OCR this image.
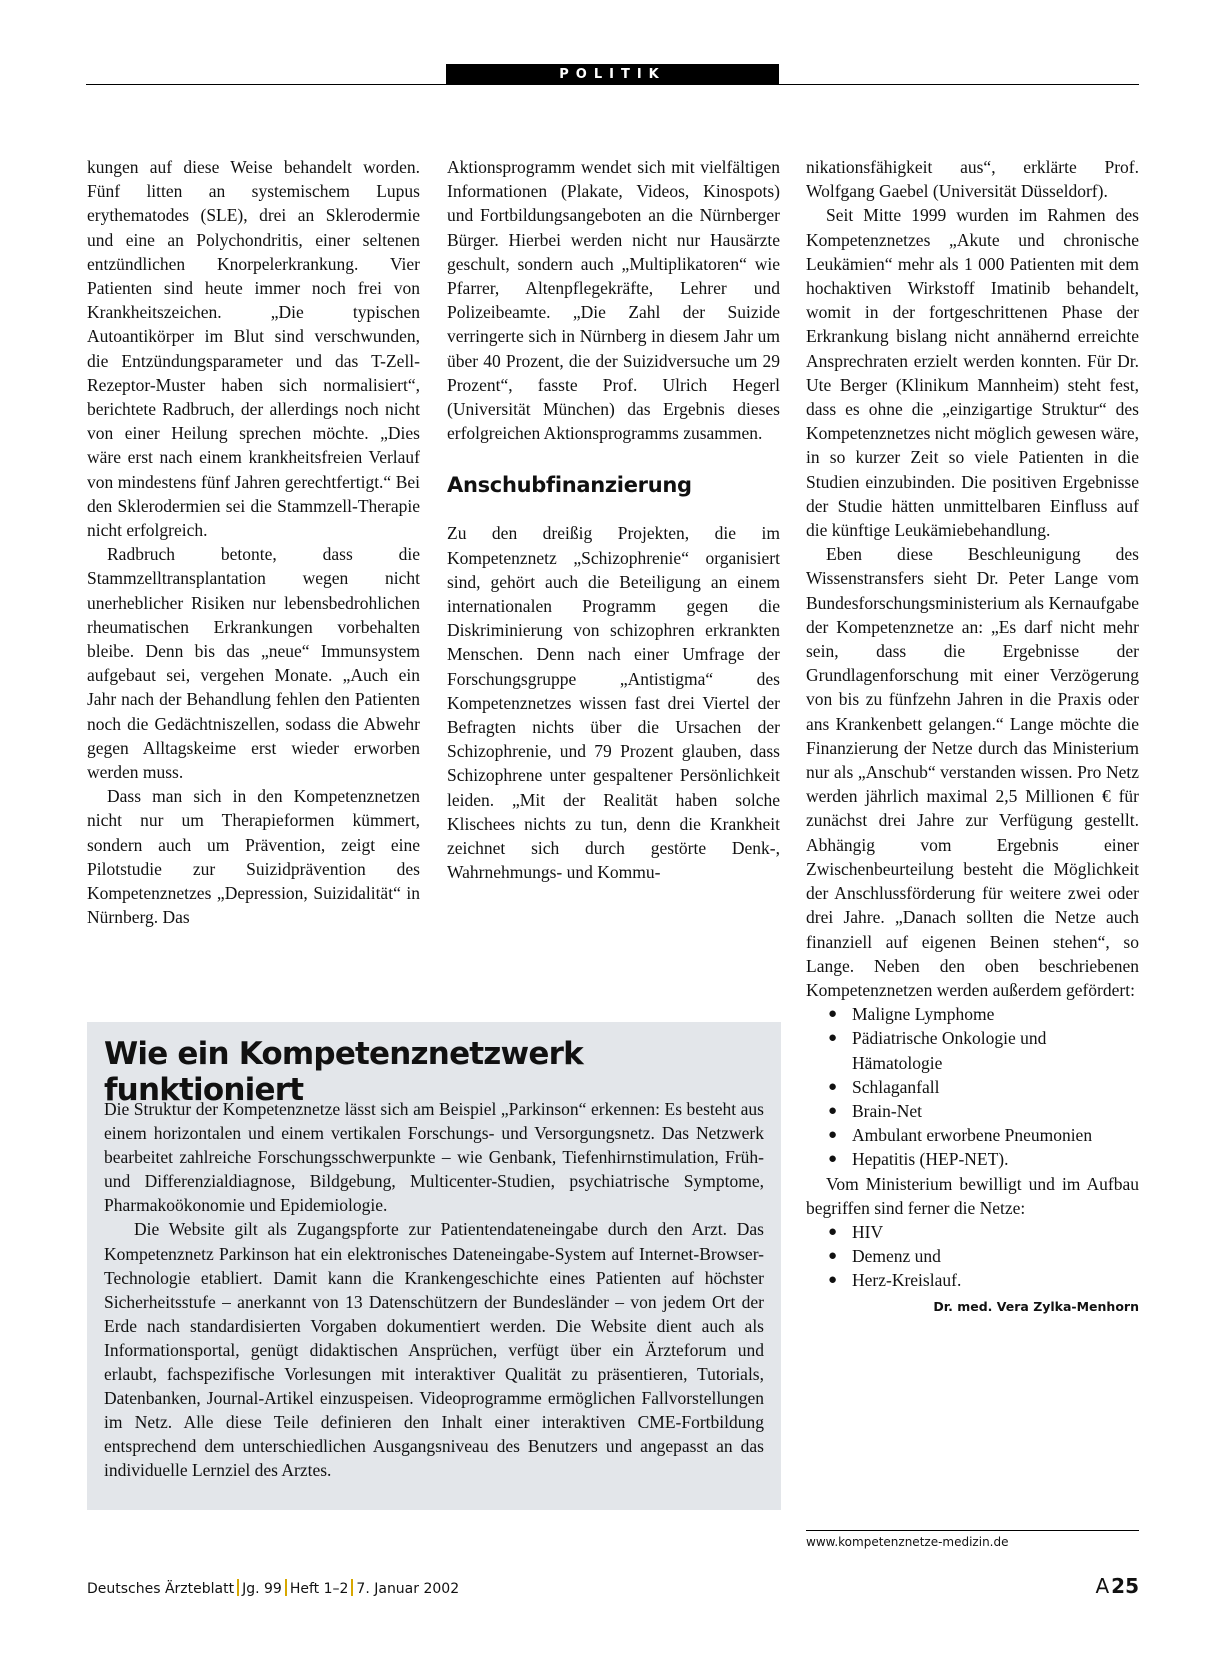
POLITIK

kungen auf diese Weise behandelt worden. Fünf litten an systemischem Lupus erythematodes (SLE), drei an Sklerodermie und eine an Polychondritis, einer seltenen entzündlichen Knorpelerkrankung. Vier Patienten sind heute immer noch frei von Krankheitszeichen. „Die typischen Autoantikörper im Blut sind verschwunden, die Entzündungsparameter und das T-Zell-Rezeptor-Muster haben sich normalisiert“, berichtete Radbruch, der allerdings noch nicht von einer Heilung sprechen möchte. „Dies wäre erst nach einem krankheitsfreien Verlauf von mindestens fünf Jahren gerechtfertigt.“ Bei den Sklerodermien sei die Stammzell-Therapie nicht erfolgreich.

Radbruch betonte, dass die Stammzelltransplantation wegen nicht unerheblicher Risiken nur lebensbedrohlichen rheumatischen Erkrankungen vorbehalten bleibe. Denn bis das „neue“ Immunsystem aufgebaut sei, vergehen Monate. „Auch ein Jahr nach der Behandlung fehlen den Patienten noch die Gedächtniszellen, sodass die Abwehr gegen Alltagskeime erst wieder erworben werden muss.

Dass man sich in den Kompetenznetzen nicht nur um Therapieformen kümmert, sondern auch um Prävention, zeigt eine Pilotstudie zur Suizidprävention des Kompetenznetzes „Depression, Suizidalität“ in Nürnberg. Das

Aktionsprogramm wendet sich mit vielfältigen Informationen (Plakate, Videos, Kinospots) und Fortbildungsangeboten an die Nürnberger Bürger. Hierbei werden nicht nur Hausärzte geschult, sondern auch „Multiplikatoren“ wie Pfarrer, Altenpflegekräfte, Lehrer und Polizeibeamte. „Die Zahl der Suizide verringerte sich in Nürnberg in diesem Jahr um über 40 Prozent, die der Suizidversuche um 29 Prozent“, fasste Prof. Ulrich Hegerl (Universität München) das Ergebnis dieses erfolgreichen Aktionsprogramms zusammen.

Anschubfinanzierung

Zu den dreißig Projekten, die im Kompetenznetz „Schizophrenie“ organisiert sind, gehört auch die Beteiligung an einem internationalen Programm gegen die Diskriminierung von schizophren erkrankten Menschen. Denn nach einer Umfrage der Forschungsgruppe „Antistigma“ des Kompetenznetzes wissen fast drei Viertel der Befragten nichts über die Ursachen der Schizophrenie, und 79 Prozent glauben, dass Schizophrene unter gespaltener Persönlichkeit leiden. „Mit der Realität haben solche Klischees nichts zu tun, denn die Krankheit zeichnet sich durch gestörte Denk-, Wahrnehmungs- und Kommu-

nikationsfähigkeit aus“, erklärte Prof. Wolfgang Gaebel (Universität Düsseldorf).

Seit Mitte 1999 wurden im Rahmen des Kompetenznetzes „Akute und chronische Leukämien“ mehr als 1 000 Patienten mit dem hochaktiven Wirkstoff Imatinib behandelt, womit in der fortgeschrittenen Phase der Erkrankung bislang nicht annähernd erreichte Ansprechraten erzielt werden konnten. Für Dr. Ute Berger (Klinikum Mannheim) steht fest, dass es ohne die „einzigartige Struktur“ des Kompetenznetzes nicht möglich gewesen wäre, in so kurzer Zeit so viele Patienten in die Studien einzubinden. Die positiven Ergebnisse der Studie hätten unmittelbaren Einfluss auf die künftige Leukämiebehandlung.

Eben diese Beschleunigung des Wissenstransfers sieht Dr. Peter Lange vom Bundesforschungsministerium als Kernaufgabe der Kompetenznetze an: „Es darf nicht mehr sein, dass die Ergebnisse der Grundlagenforschung mit einer Verzögerung von bis zu fünfzehn Jahren in die Praxis oder ans Krankenbett gelangen.“ Lange möchte die Finanzierung der Netze durch das Ministerium nur als „Anschub“ verstanden wissen. Pro Netz werden jährlich maximal 2,5 Millionen € für zunächst drei Jahre zur Verfügung gestellt. Abhängig vom Ergebnis einer Zwischenbeurteilung besteht die Möglichkeit der Anschlussförderung für weitere zwei oder drei Jahre. „Danach sollten die Netze auch finanziell auf eigenen Beinen stehen“, so Lange. Neben den oben beschriebenen Kompetenznetzen werden außerdem gefördert:

● Maligne Lymphome
● Pädiatrische Onkologie und Hämatologie
● Schlaganfall
● Brain-Net
● Ambulant erworbene Pneumonien
● Hepatitis (HEP-NET).

Vom Ministerium bewilligt und im Aufbau begriffen sind ferner die Netze:

● HIV
● Demenz und
● Herz-Kreislauf.
Dr. med. Vera Zylka-Menhorn
www.kompetenznetze-medizin.de
Wie ein Kompetenznetzwerk funktioniert

Die Struktur der Kompetenznetze lässt sich am Beispiel „Parkinson“ erkennen: Es besteht aus einem horizontalen und einem vertikalen Forschungs- und Versorgungsnetz. Das Netzwerk bearbeitet zahlreiche Forschungsschwerpunkte – wie Genbank, Tiefenhirnstimulation, Früh- und Differenzialdiagnose, Bildgebung, Multicenter-Studien, psychiatrische Symptome, Pharmakoökonomie und Epidemiologie.

Die Website gilt als Zugangspforte zur Patientendateneingabe durch den Arzt. Das Kompetenznetz Parkinson hat ein elektronisches Dateneingabe-System auf Internet-Browser-Technologie etabliert. Damit kann die Krankengeschichte eines Patienten auf höchster Sicherheitsstufe – anerkannt von 13 Datenschützern der Bundesländer – von jedem Ort der Erde nach standardisierten Vorgaben dokumentiert werden. Die Website dient auch als Informationsportal, genügt didaktischen Ansprüchen, verfügt über ein Ärzteforum und erlaubt, fachspezifische Vorlesungen mit interaktiver Qualität zu präsentieren, Tutorials, Datenbanken, Journal-Artikel einzuspeisen. Videoprogramme ermöglichen Fallvorstellungen im Netz. Alle diese Teile definieren den Inhalt einer interaktiven CME-Fortbildung entsprechend dem unterschiedlichen Ausgangsniveau des Benutzers und angepasst an das individuelle Lernziel des Arztes.

Deutsches Ärzteblatt Jg. 99 Heft 1–2 7. Januar 2002	A  25
